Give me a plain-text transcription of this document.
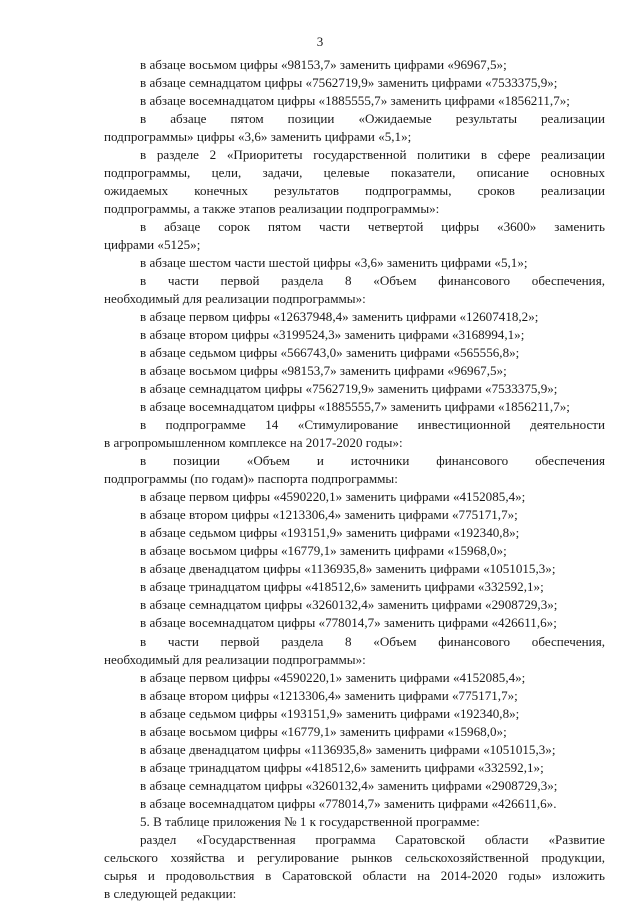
3
в абзаце восьмом цифры «98153,7» заменить цифрами «96967,5»;
в абзаце семнадцатом цифры «7562719,9» заменить цифрами «7533375,9»;
в абзаце восемнадцатом цифры «1885555,7» заменить цифрами «1856211,7»;
в абзаце пятом позиции «Ожидаемые результаты реализации
подпрограммы» цифры «3,6» заменить цифрами «5,1»;
в разделе 2 «Приоритеты государственной политики в сфере реализации
подпрограммы, цели, задачи, целевые показатели, описание основных
ожидаемых конечных результатов подпрограммы, сроков реализации
подпрограммы, а также этапов реализации подпрограммы»:
в абзаце сорок пятом части четвертой цифры «3600» заменить
цифрами «5125»;
в абзаце шестом части шестой цифры «3,6» заменить цифрами «5,1»;
в части первой раздела 8 «Объем финансового обеспечения,
необходимый для реализации подпрограммы»:
в абзаце первом цифры «12637948,4» заменить цифрами «12607418,2»;
в абзаце втором цифры «3199524,3» заменить цифрами «3168994,1»;
в абзаце седьмом цифры «566743,0» заменить цифрами «565556,8»;
в абзаце восьмом цифры «98153,7» заменить цифрами «96967,5»;
в абзаце семнадцатом цифры «7562719,9» заменить цифрами «7533375,9»;
в абзаце восемнадцатом цифры «1885555,7» заменить цифрами «1856211,7»;
в подпрограмме 14 «Стимулирование инвестиционной деятельности
в агропромышленном комплексе на 2017-2020 годы»:
в позиции «Объем и источники финансового обеспечения
подпрограммы (по годам)» паспорта подпрограммы:
в абзаце первом цифры «4590220,1» заменить цифрами «4152085,4»;
в абзаце втором цифры «1213306,4» заменить цифрами «775171,7»;
в абзаце седьмом цифры «193151,9» заменить цифрами «192340,8»;
в абзаце восьмом цифры «16779,1» заменить цифрами «15968,0»;
в абзаце двенадцатом цифры «1136935,8» заменить цифрами «1051015,3»;
в абзаце тринадцатом цифры «418512,6» заменить цифрами «332592,1»;
в абзаце семнадцатом цифры «3260132,4» заменить цифрами «2908729,3»;
в абзаце восемнадцатом цифры «778014,7» заменить цифрами «426611,6»;
в части первой раздела 8 «Объем финансового обеспечения,
необходимый для реализации подпрограммы»:
в абзаце первом цифры «4590220,1» заменить цифрами «4152085,4»;
в абзаце втором цифры «1213306,4» заменить цифрами «775171,7»;
в абзаце седьмом цифры «193151,9» заменить цифрами «192340,8»;
в абзаце восьмом цифры «16779,1» заменить цифрами «15968,0»;
в абзаце двенадцатом цифры «1136935,8» заменить цифрами «1051015,3»;
в абзаце тринадцатом цифры «418512,6» заменить цифрами «332592,1»;
в абзаце семнадцатом цифры «3260132,4» заменить цифрами «2908729,3»;
в абзаце восемнадцатом цифры «778014,7» заменить цифрами «426611,6».
5. В таблице приложения № 1 к государственной программе:
раздел «Государственная программа Саратовской области «Развитие
сельского хозяйства и регулирование рынков сельскохозяйственной продукции,
сырья и продовольствия в Саратовской области на 2014-2020 годы» изложить
в следующей редакции:
